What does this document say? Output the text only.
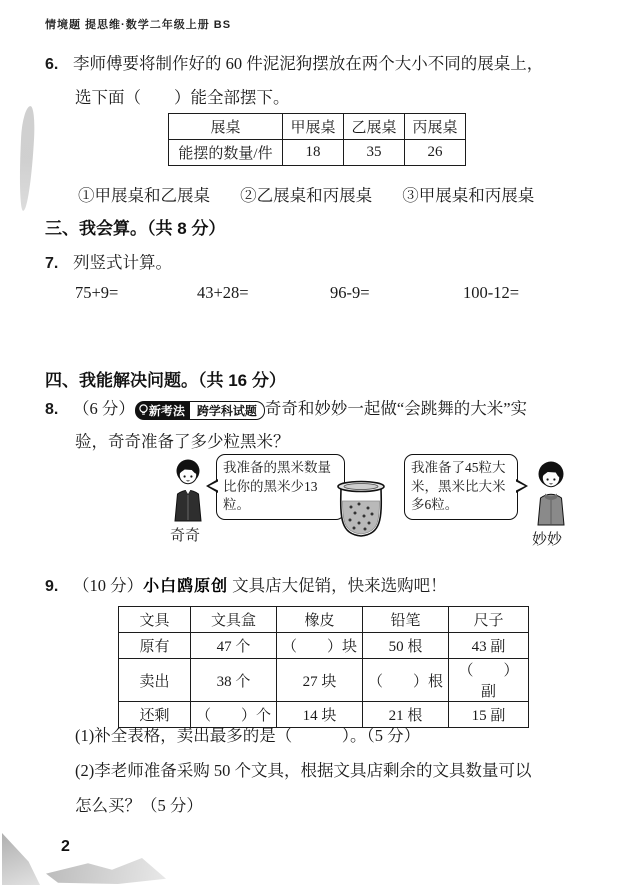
情境题 提思维·数学二年级上册 BS
6. 李师傅要将制作好的 60 件泥泥狗摆放在两个大小不同的展桌上，
选下面（　　）能全部摆下。
展桌	甲展桌	乙展桌	丙展桌
能摆的数量/件	18	35	26
①甲展桌和乙展桌 ②乙展桌和丙展桌 ③甲展桌和丙展桌
三、我会算。（共 8 分）
7. 列竖式计算。
75+9=	43+28=	96-9=	100-12=
四、我能解决问题。（共 16 分）
8. （6 分） 新考法	跨学科试题 奇奇和妙妙一起做“会跳舞的大米”实
验，奇奇准备了多少粒黑米？
奇奇
我准备的黑米数量比你的黑米少13粒。
我准备了45粒大米，黑米比大米多6粒。
妙妙
9. （10 分）小白鸥原创 文具店大促销，快来选购吧！
文具	文具盒	橡皮	铅笔	尺子
原有	47 个	（　　）块	50 根	43 副
卖出	38 个	27 块	（　　）根	（　　）副
还剩	（　　）个	14 块	21 根	15 副
(1)补全表格，卖出最多的是（　　　）。（5 分）
(2)李老师准备采购 50 个文具，根据文具店剩余的文具数量可以
怎么买？（5 分）
2
